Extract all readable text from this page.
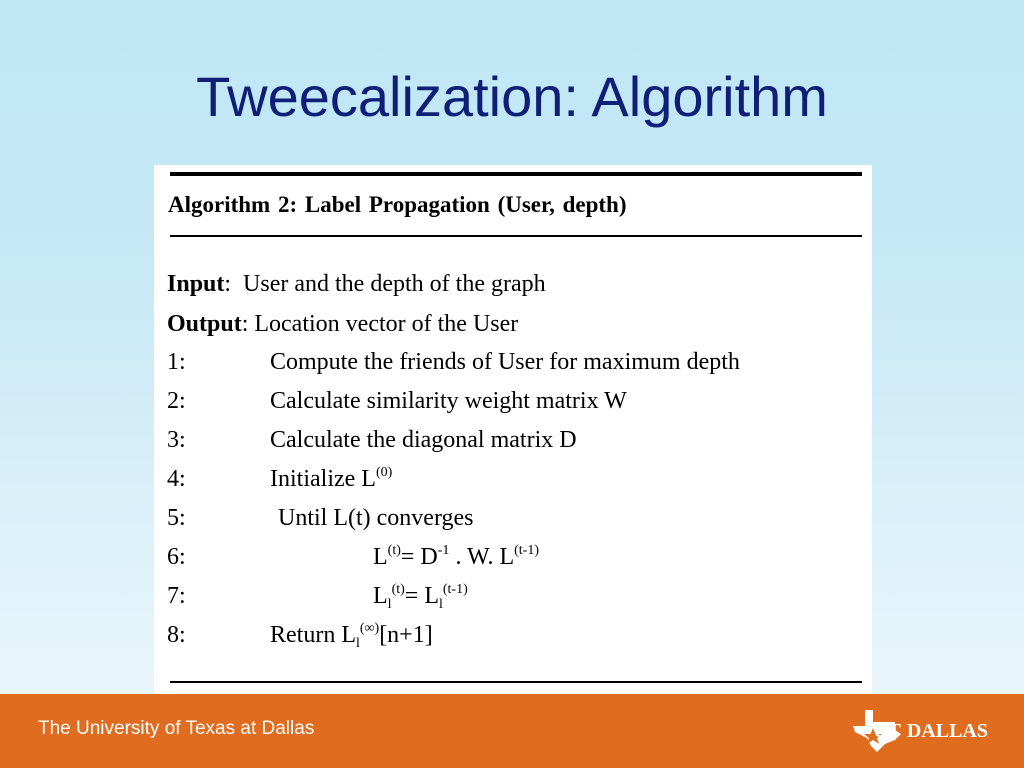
Tweecalization: Algorithm
Algorithm 2: Label Propagation (User, depth)
Input:  User and the depth of the graph
Output: Location vector of the User
1:	Compute the friends of User for maximum depth
2:	Calculate similarity weight matrix W
3:	Calculate the diagonal matrix D
4:	Initialize $L^{(0)}$
5:	Until L(t) converges
6:	$L^{(t)}= D^{-1}$ . W. $L^{(t-1)}$
7:	$L_l^{(t)}= L_l^{(t-1)}$
8:	Return $L_l^{(\infty)}[n+1]$
The University of Texas at Dallas	UT DALLAS
